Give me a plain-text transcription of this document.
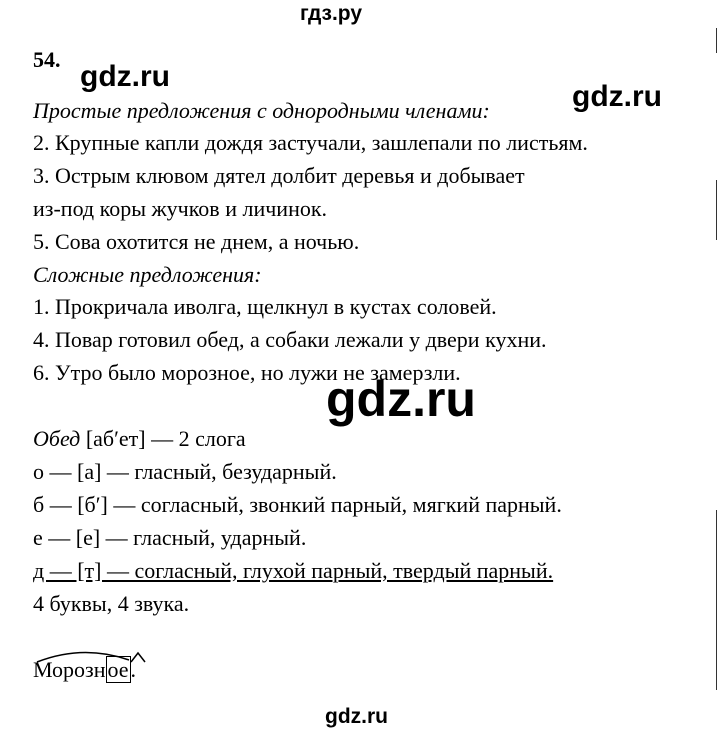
гдз.ру
54.
gdz.ru
gdz.ru
gdz.ru
gdz.ru
Простые предложения с однородными членами:
2. Крупные капли дождя застучали, зашлепали по листьям.
3. Острым клювом дятел долбит деревья и добывает
из-под коры жучков и личинок.
5. Сова охотится не днем, а ночью.
Сложные предложения:
1. Прокричала иволга, щелкнул в кустах соловей.
4. Повар готовил обед, а собаки лежали у двери кухни.
6. Утро было морозное, но лужи не замерзли.
Обед [аб′ет] — 2 слога
о — [а] — гласный, безударный.
б — [б′] — согласный, звонкий парный, мягкий парный.
е — [е] — гласный, ударный.
д — [т] — согласный, глухой парный, твердый парный.
4 буквы, 4 звука.
Морозное.
